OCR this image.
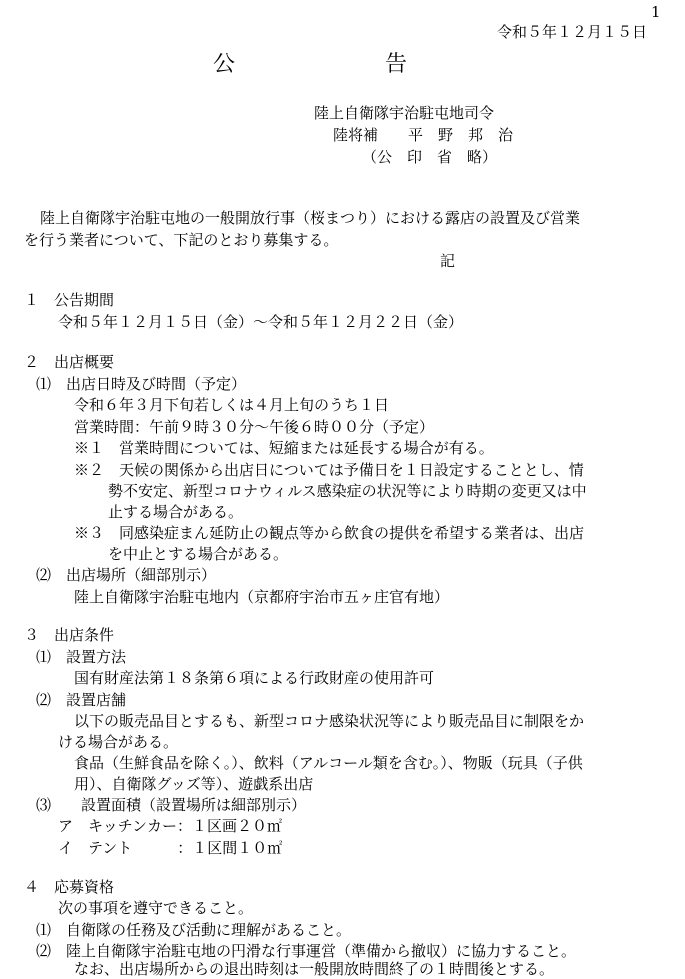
1
令和５年１２月１５日
公	告
陸上自衛隊宇治駐屯地司令
陸将補　　平　野　邦　治
（公　印　省　略）
陸上自衛隊宇治駐屯地の一般開放行事（桜まつり）における露店の設置及び営業
を行う業者について、下記のとおり募集する。
記
１　公告期間
令和５年１２月１５日（金）～令和５年１２月２２日（金）
２　出店概要
⑴　出店日時及び時間（予定）
令和６年３月下旬若しくは４月上旬のうち１日
営業時間：午前９時３０分～午後６時００分（予定）
※１　営業時間については、短縮または延長する場合が有る。
※２　天候の関係から出店日については予備日を１日設定することとし、情
勢不安定、新型コロナウィルス感染症の状況等により時期の変更又は中
止する場合がある。
※３　同感染症まん延防止の観点等から飲食の提供を希望する業者は、出店
を中止とする場合がある。
⑵　出店場所（細部別示）
陸上自衛隊宇治駐屯地内（京都府宇治市五ヶ庄官有地）
３　出店条件
⑴　設置方法
国有財産法第１８条第６項による行政財産の使用許可
⑵　設置店舗
以下の販売品目とするも、新型コロナ感染状況等により販売品目に制限をか
ける場合がある。
食品（生鮮食品を除く。）、飲料（アルコール類を含む。）、物販（玩具（子供
用）、自衛隊グッズ等）、遊戯系出店
⑶　　設置面積（設置場所は細部別示）
ア　キッチンカー：１区画２０㎡
イ　テント　　　：１区間１０㎡
４　応募資格
次の事項を遵守できること。
⑴　自衛隊の任務及び活動に理解があること。
⑵　陸上自衛隊宇治駐屯地の円滑な行事運営（準備から撤収）に協力すること。
なお、出店場所からの退出時刻は一般開放時間終了の１時間後とする。
